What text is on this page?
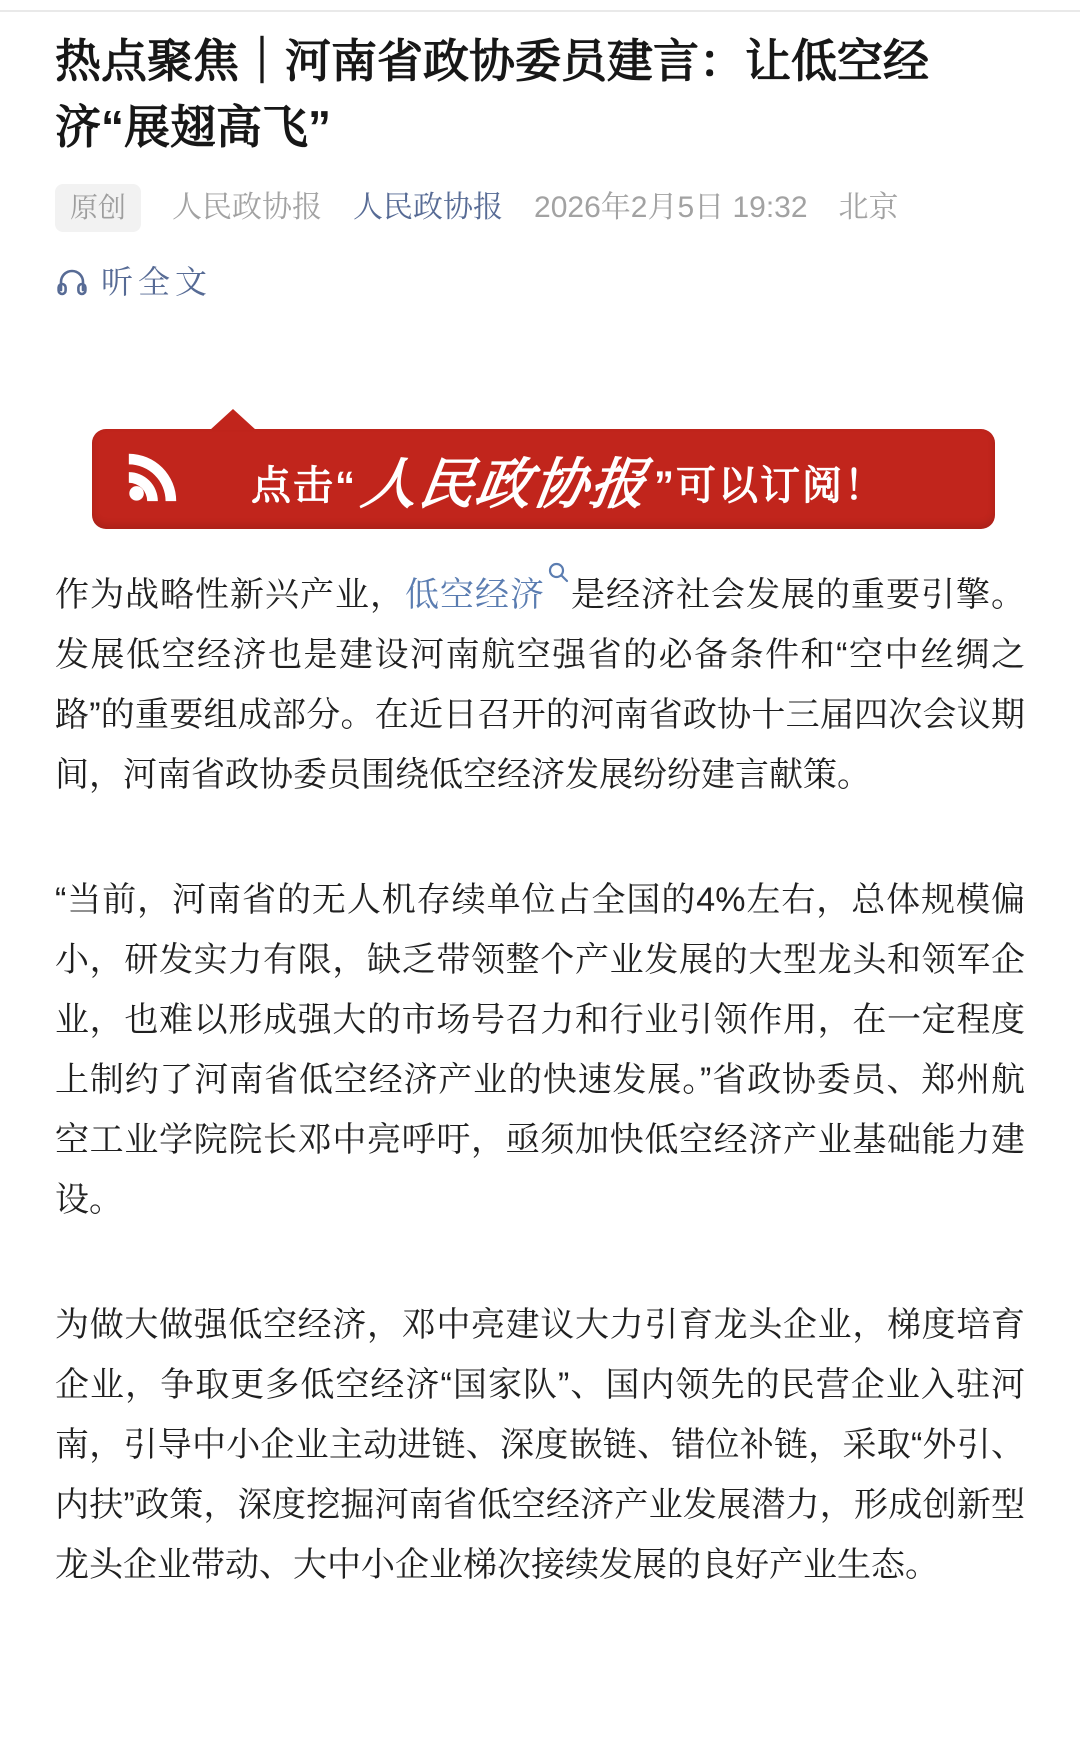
热点聚焦｜河南省政协委员建言：让低空经济“展翅高飞”
原创	人民政协报 人民政协报 2026年2月5日 19:32 北京
听全文
点击“人民政协报”可以订阅！

作为战略性新兴产业，低空经济 是经济社会发展的重要引擎。发展低空经济也是建设河南航空强省的必备条件和“空中丝绸之路”的重要组成部分。在近日召开的河南省政协十三届四次会议期间，河南省政协委员围绕低空经济发展纷纷建言献策。

“当前，河南省的无人机存续单位占全国的4%左右，总体规模偏小，研发实力有限，缺乏带领整个产业发展的大型龙头和领军企业，也难以形成强大的市场号召力和行业引领作用，在一定程度上制约了河南省低空经济产业的快速发展。”省政协委员、郑州航空工业学院院长邓中亮呼吁，亟须加快低空经济产业基础能力建设。

为做大做强低空经济，邓中亮建议大力引育龙头企业，梯度培育企业，争取更多低空经济“国家队”、国内领先的民营企业入驻河南，引导中小企业主动进链、深度嵌链、错位补链，采取“外引、内扶”政策，深度挖掘河南省低空经济产业发展潜力，形成创新型龙头企业带动、大中小企业梯次接续发展的良好产业生态。
